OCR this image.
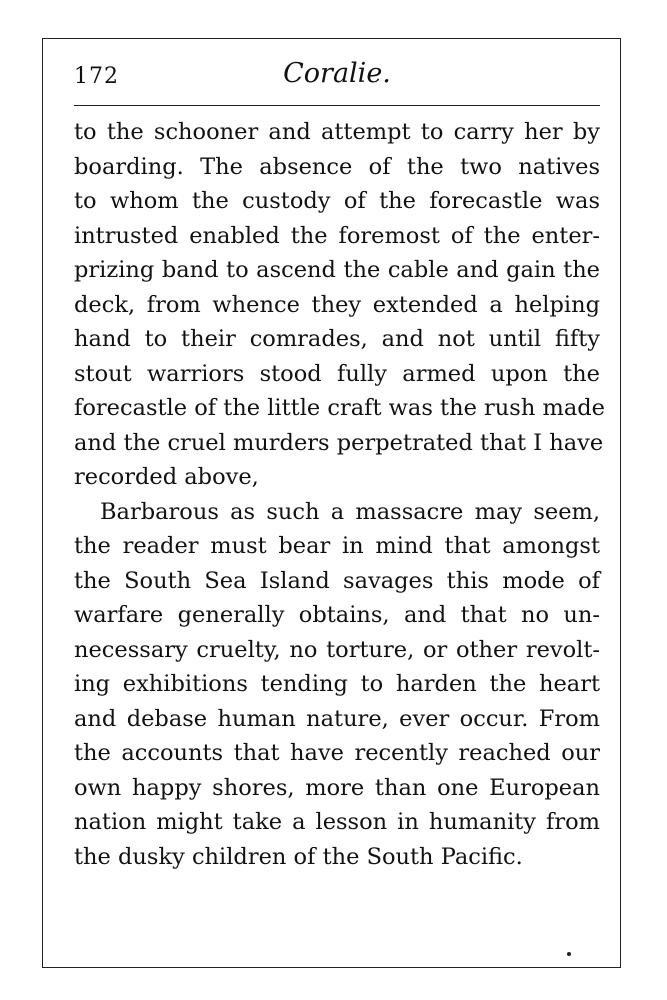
172	Coralie.
to the schooner and attempt to carry her by
boarding. The absence of the two natives
to whom the custody of the forecastle was
intrusted enabled the foremost of the enter-
prizing band to ascend the cable and gain the
deck, from whence they extended a helping
hand to their comrades, and not until fifty
stout warriors stood fully armed upon the
forecastle of the little craft was the rush made
and the cruel murders perpetrated that I have
recorded above,
Barbarous as such a massacre may seem,
the reader must bear in mind that amongst
the South Sea Island savages this mode of
warfare generally obtains, and that no un-
necessary cruelty, no torture, or other revolt-
ing exhibitions tending to harden the heart
and debase human nature, ever occur. From
the accounts that have recently reached our
own happy shores, more than one European
nation might take a lesson in humanity from
the dusky children of the South Pacific.
